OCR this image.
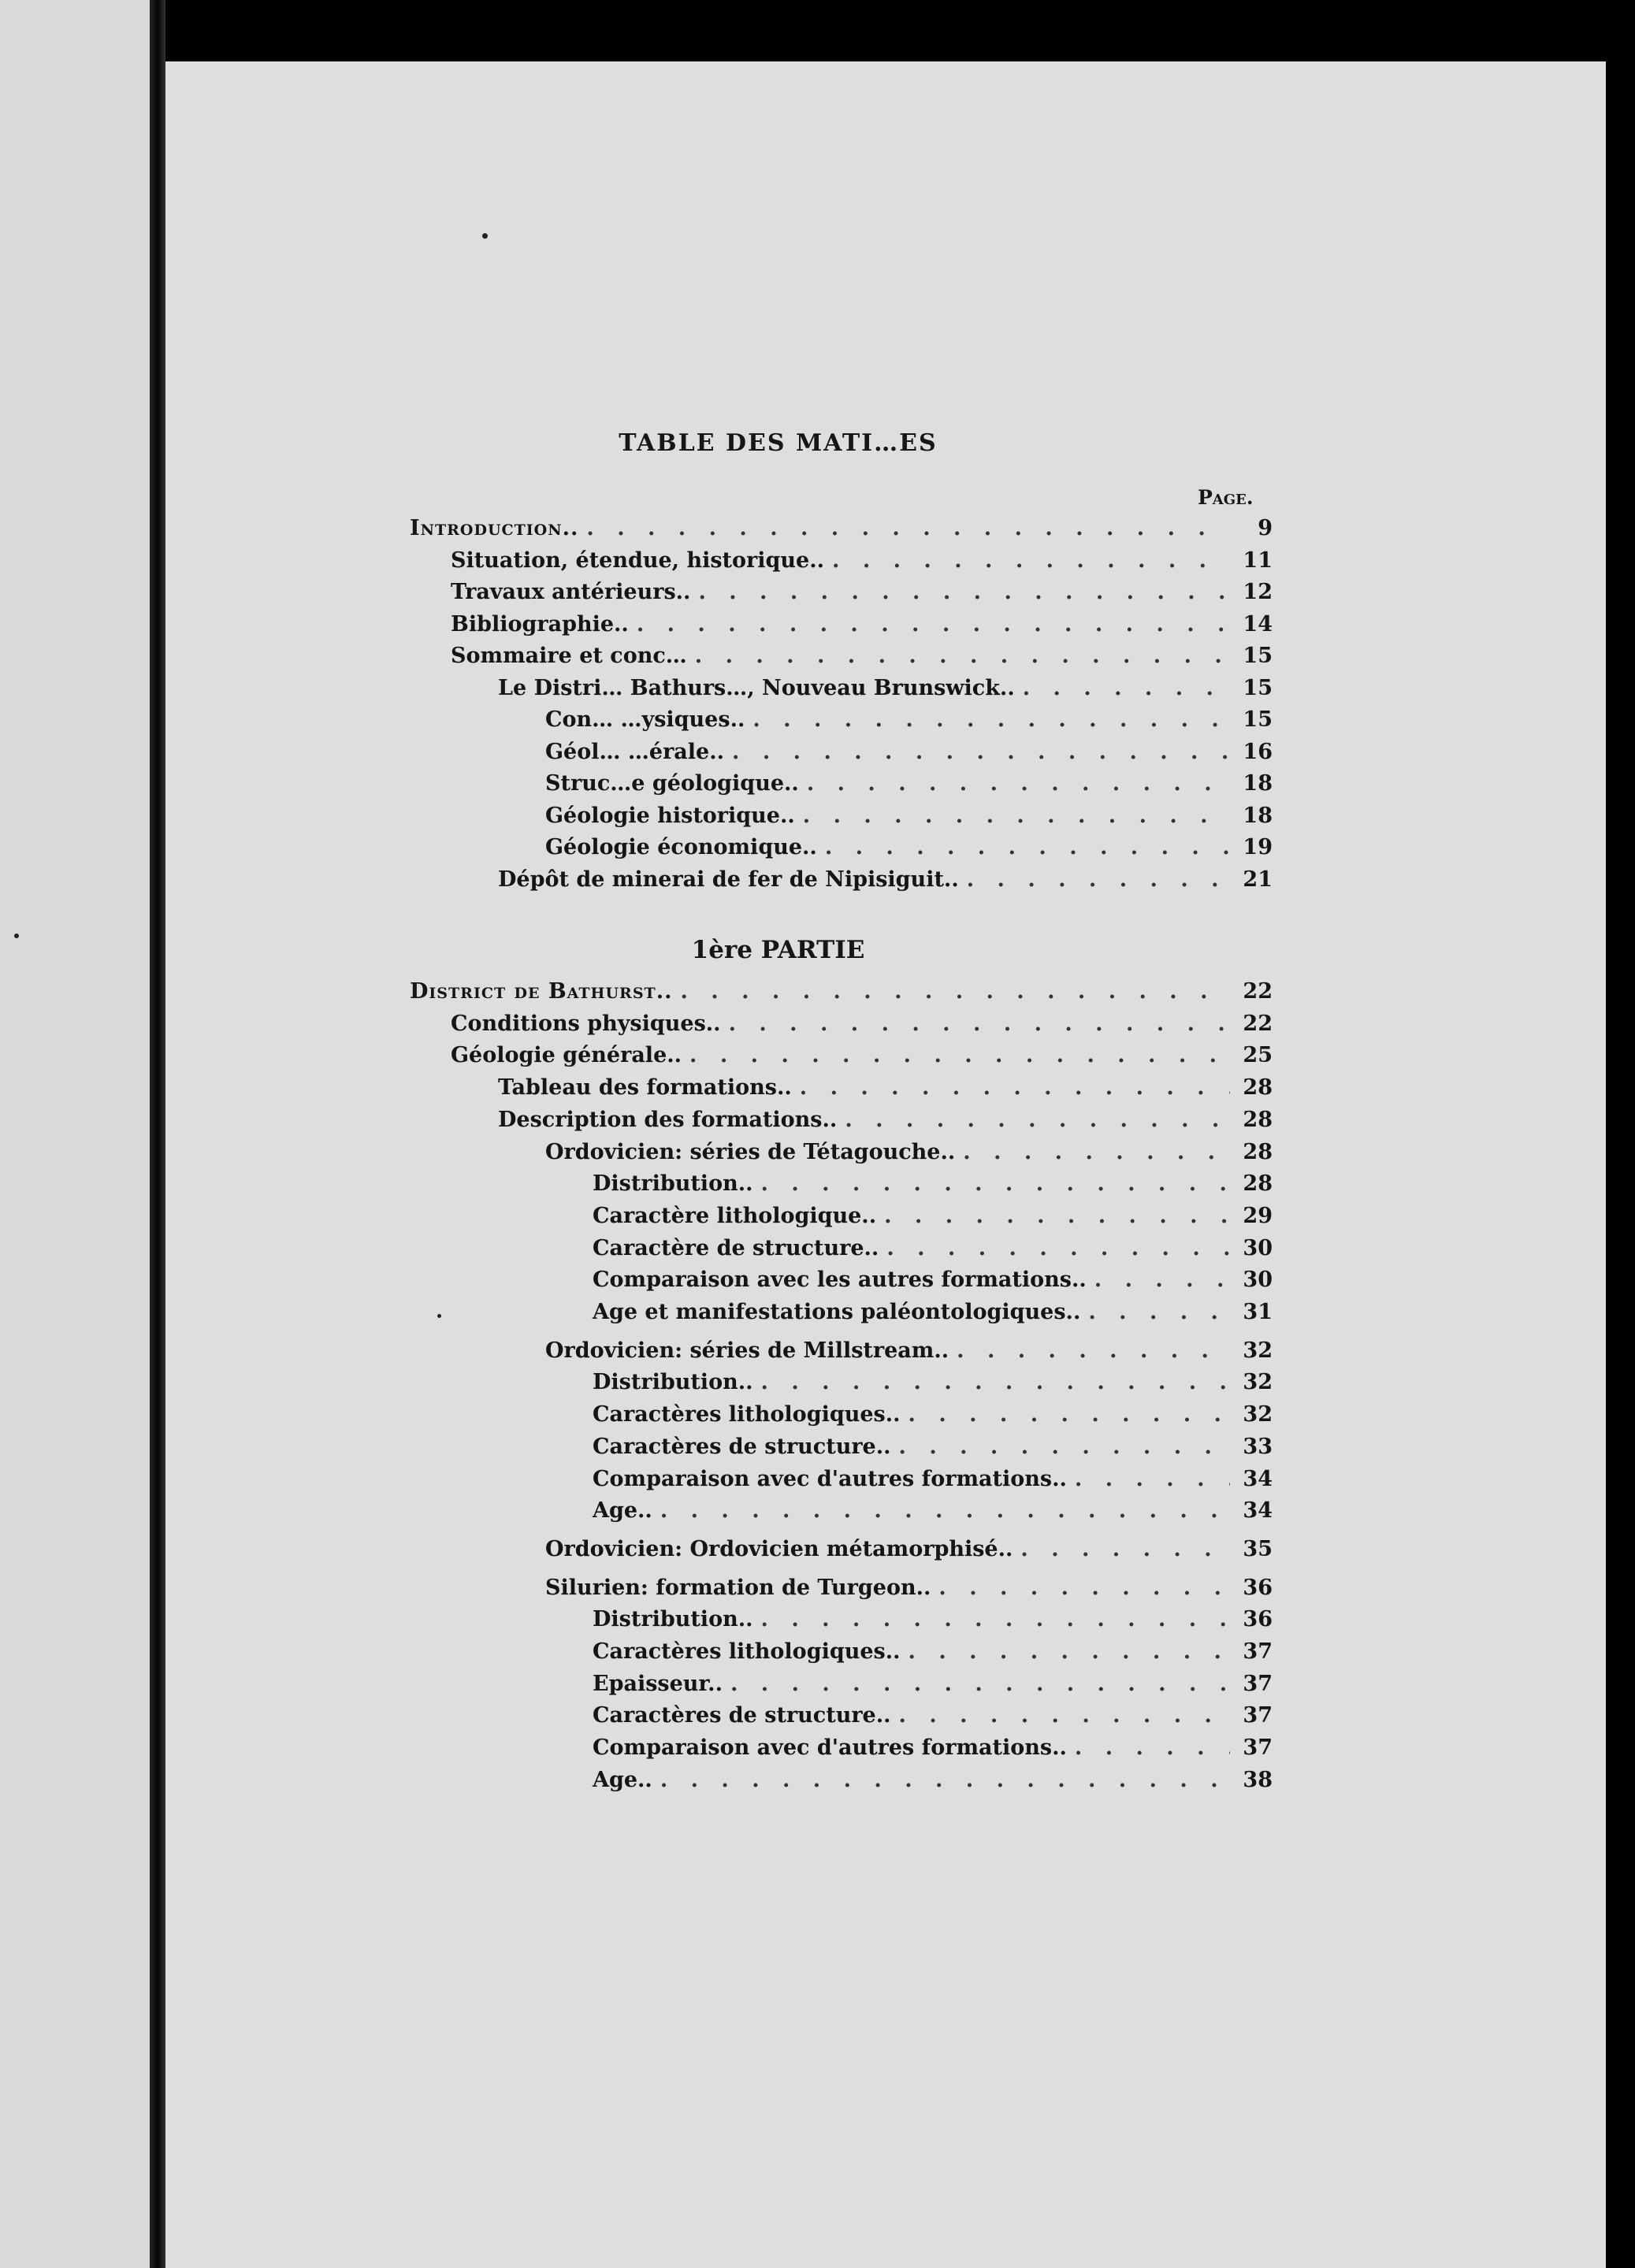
TABLE DES MATI…ES
Page.
Introduction.. . . .	9
Situation, étendue, historique.. . . .	11
Travaux antérieurs.. . . .	12
Bibliographie.. . . .	14
Sommaire et conc… . . .	15
Le Distri… Bathurs…, Nouveau Brunswick.. . . .	15
Con… …ysiques.. . . .	15
Géol… …érale.. . . .	16
Struc…e géologique.. . . .	18
Géologie historique.. . . .	18
Géologie économique.. . . .	19
Dépôt de minerai de fer de Nipisiguit.. . . .	21
1ère PARTIE
District de Bathurst.. . . .	22
Conditions physiques.. . . .	22
Géologie générale.. . . .	25
Tableau des formations.. . . .	28
Description des formations.. . . .	28
Ordovicien: séries de Tétagouche.. . . .	28
Distribution.. . . .	28
Caractère lithologique.. . . .	29
Caractère de structure.. . . .	30
Comparaison avec les autres formations.. . . .	30
Age et manifestations paléontologiques.. . . .	31
Ordovicien: séries de Millstream.. . . .	32
Distribution.. . . .	32
Caractères lithologiques.. . . .	32
Caractères de structure.. . . .	33
Comparaison avec d'autres formations.. . . .	34
Age.. . . .	34
Ordovicien: Ordovicien métamorphisé.. . . .	35
Silurien: formation de Turgeon.. . . .	36
Distribution.. . . .	36
Caractères lithologiques.. . . .	37
Epaisseur.. . . .	37
Caractères de structure.. . . .	37
Comparaison avec d'autres formations.. . . .	37
Age.. . . .	38
